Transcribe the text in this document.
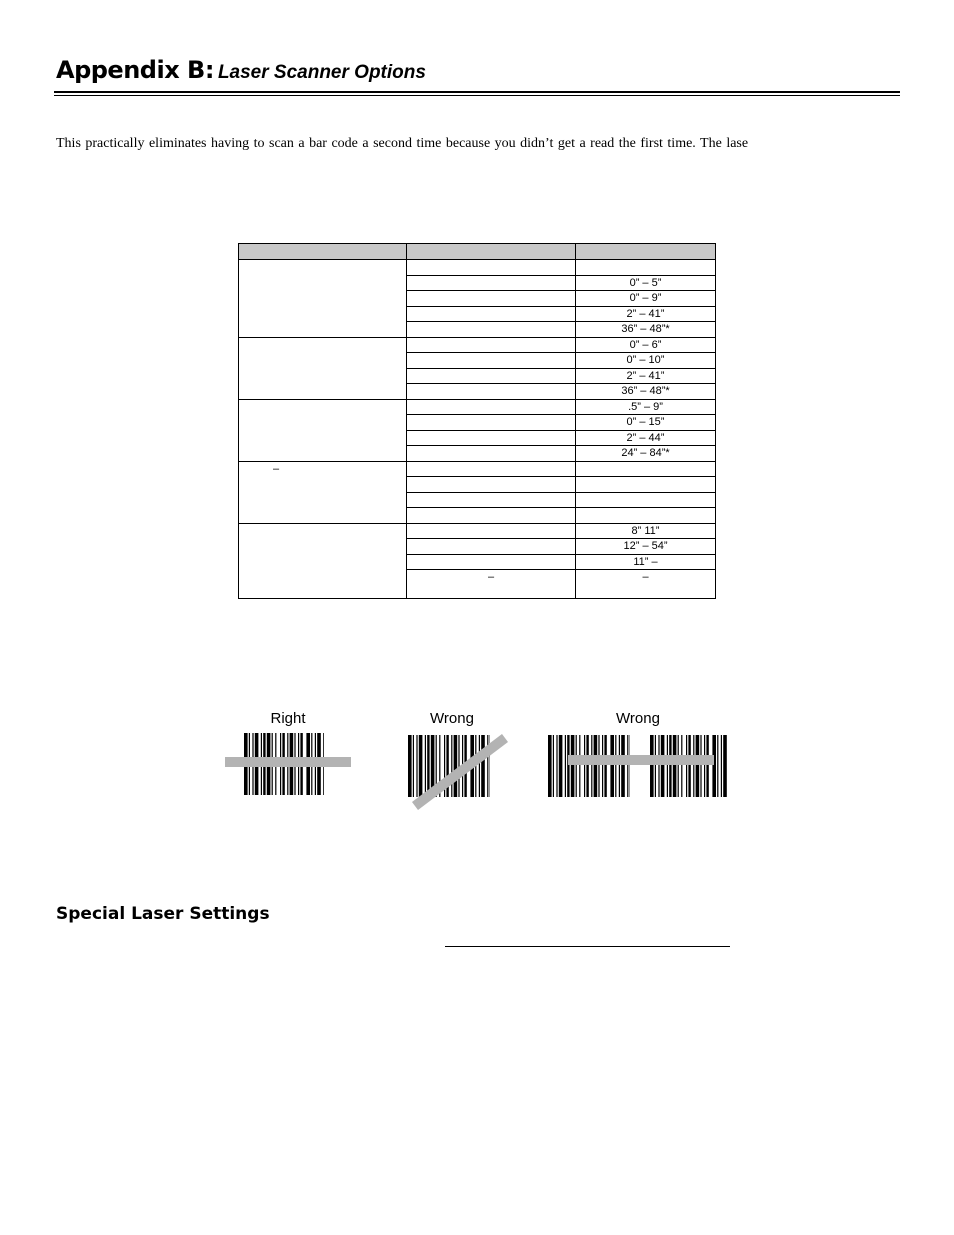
Appendix B: Laser Scanner Options
This practically eliminates having to scan a bar code a second time because you didn’t get a read the first time. The lase

		0” – 5”
		0” – 9”
		2” – 41”
		36” – 48”*
		0” – 6”
		0” – 10”
		2” – 41”
		36” – 48”*
		.5” – 9”
		0” – 15”
		2” – 44”
		24” – 84”*
–		

		8” 11”
		12” – 54”
		11” –
	–	–
Right	Wrong	Wrong
Special Laser Settings
